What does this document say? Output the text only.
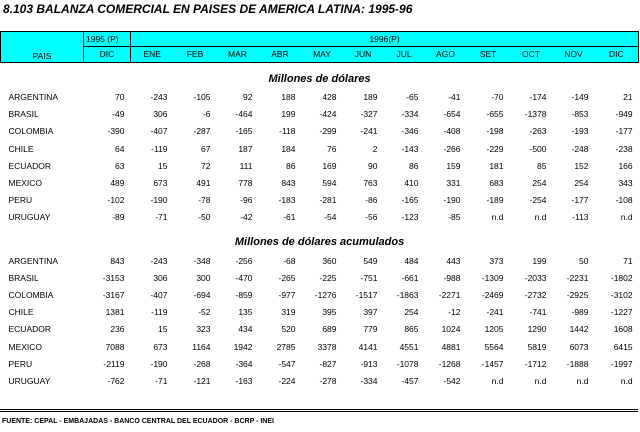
8.103 BALANZA COMERCIAL EN PAISES DE AMERICA LATINA: 1995-96
	1995 (P)	1996(P)											
PAIS	DIC	ENE	FEB	MAR	ABR	MAY	JUN	JUL	AGO	SET	OCT	NOV	DIC

Millones de dólares													
ARGENTINA	70	-243	-105	92	188	428	189	-65	-41	-70	-174	-149	21
BRASIL	-49	306	-6	-464	199	-424	-327	-334	-654	-655	-1378	-853	-949
COLOMBIA	-390	-407	-287	-165	-118	-299	-241	-346	-408	-198	-263	-193	-177
CHILE	64	-119	67	187	184	76	2	-143	-266	-229	-500	-248	-238
ECUADOR	63	15	72	111	86	169	90	86	159	181	85	152	166
MEXICO	489	673	491	778	843	594	763	410	331	683	254	254	343
PERU	-102	-190	-78	-96	-183	-281	-86	-165	-190	-189	-254	-177	-108
URUGUAY	-89	-71	-50	-42	-61	-54	-56	-123	-85	n.d	n.d	-113	n.d

Millones de dólares acumulados													
ARGENTINA	843	-243	-348	-256	-68	360	549	484	443	373	199	50	71
BRASIL	-3153	306	300	-470	-265	-225	-751	-661	-988	-1309	-2033	-2231	-1802
COLOMBIA	-3167	-407	-694	-859	-977	-1276	-1517	-1863	-2271	-2469	-2732	-2925	-3102
CHILE	1381	-119	-52	135	319	395	397	254	-12	-241	-741	-989	-1227
ECUADOR	236	15	323	434	520	689	779	865	1024	1205	1290	1442	1608
MEXICO	7088	673	1164	1942	2785	3378	4141	4551	4881	5564	5819	6073	6415
PERU	-2119	-190	-268	-364	-547	-827	-913	-1078	-1268	-1457	-1712	-1888	-1997
URUGUAY	-762	-71	-121	-163	-224	-278	-334	-457	-542	n.d	n.d	n.d	n.d
FUENTE: CEPAL - EMBAJADAS - BANCO CENTRAL DEL ECUADOR - BCRP - INEI
